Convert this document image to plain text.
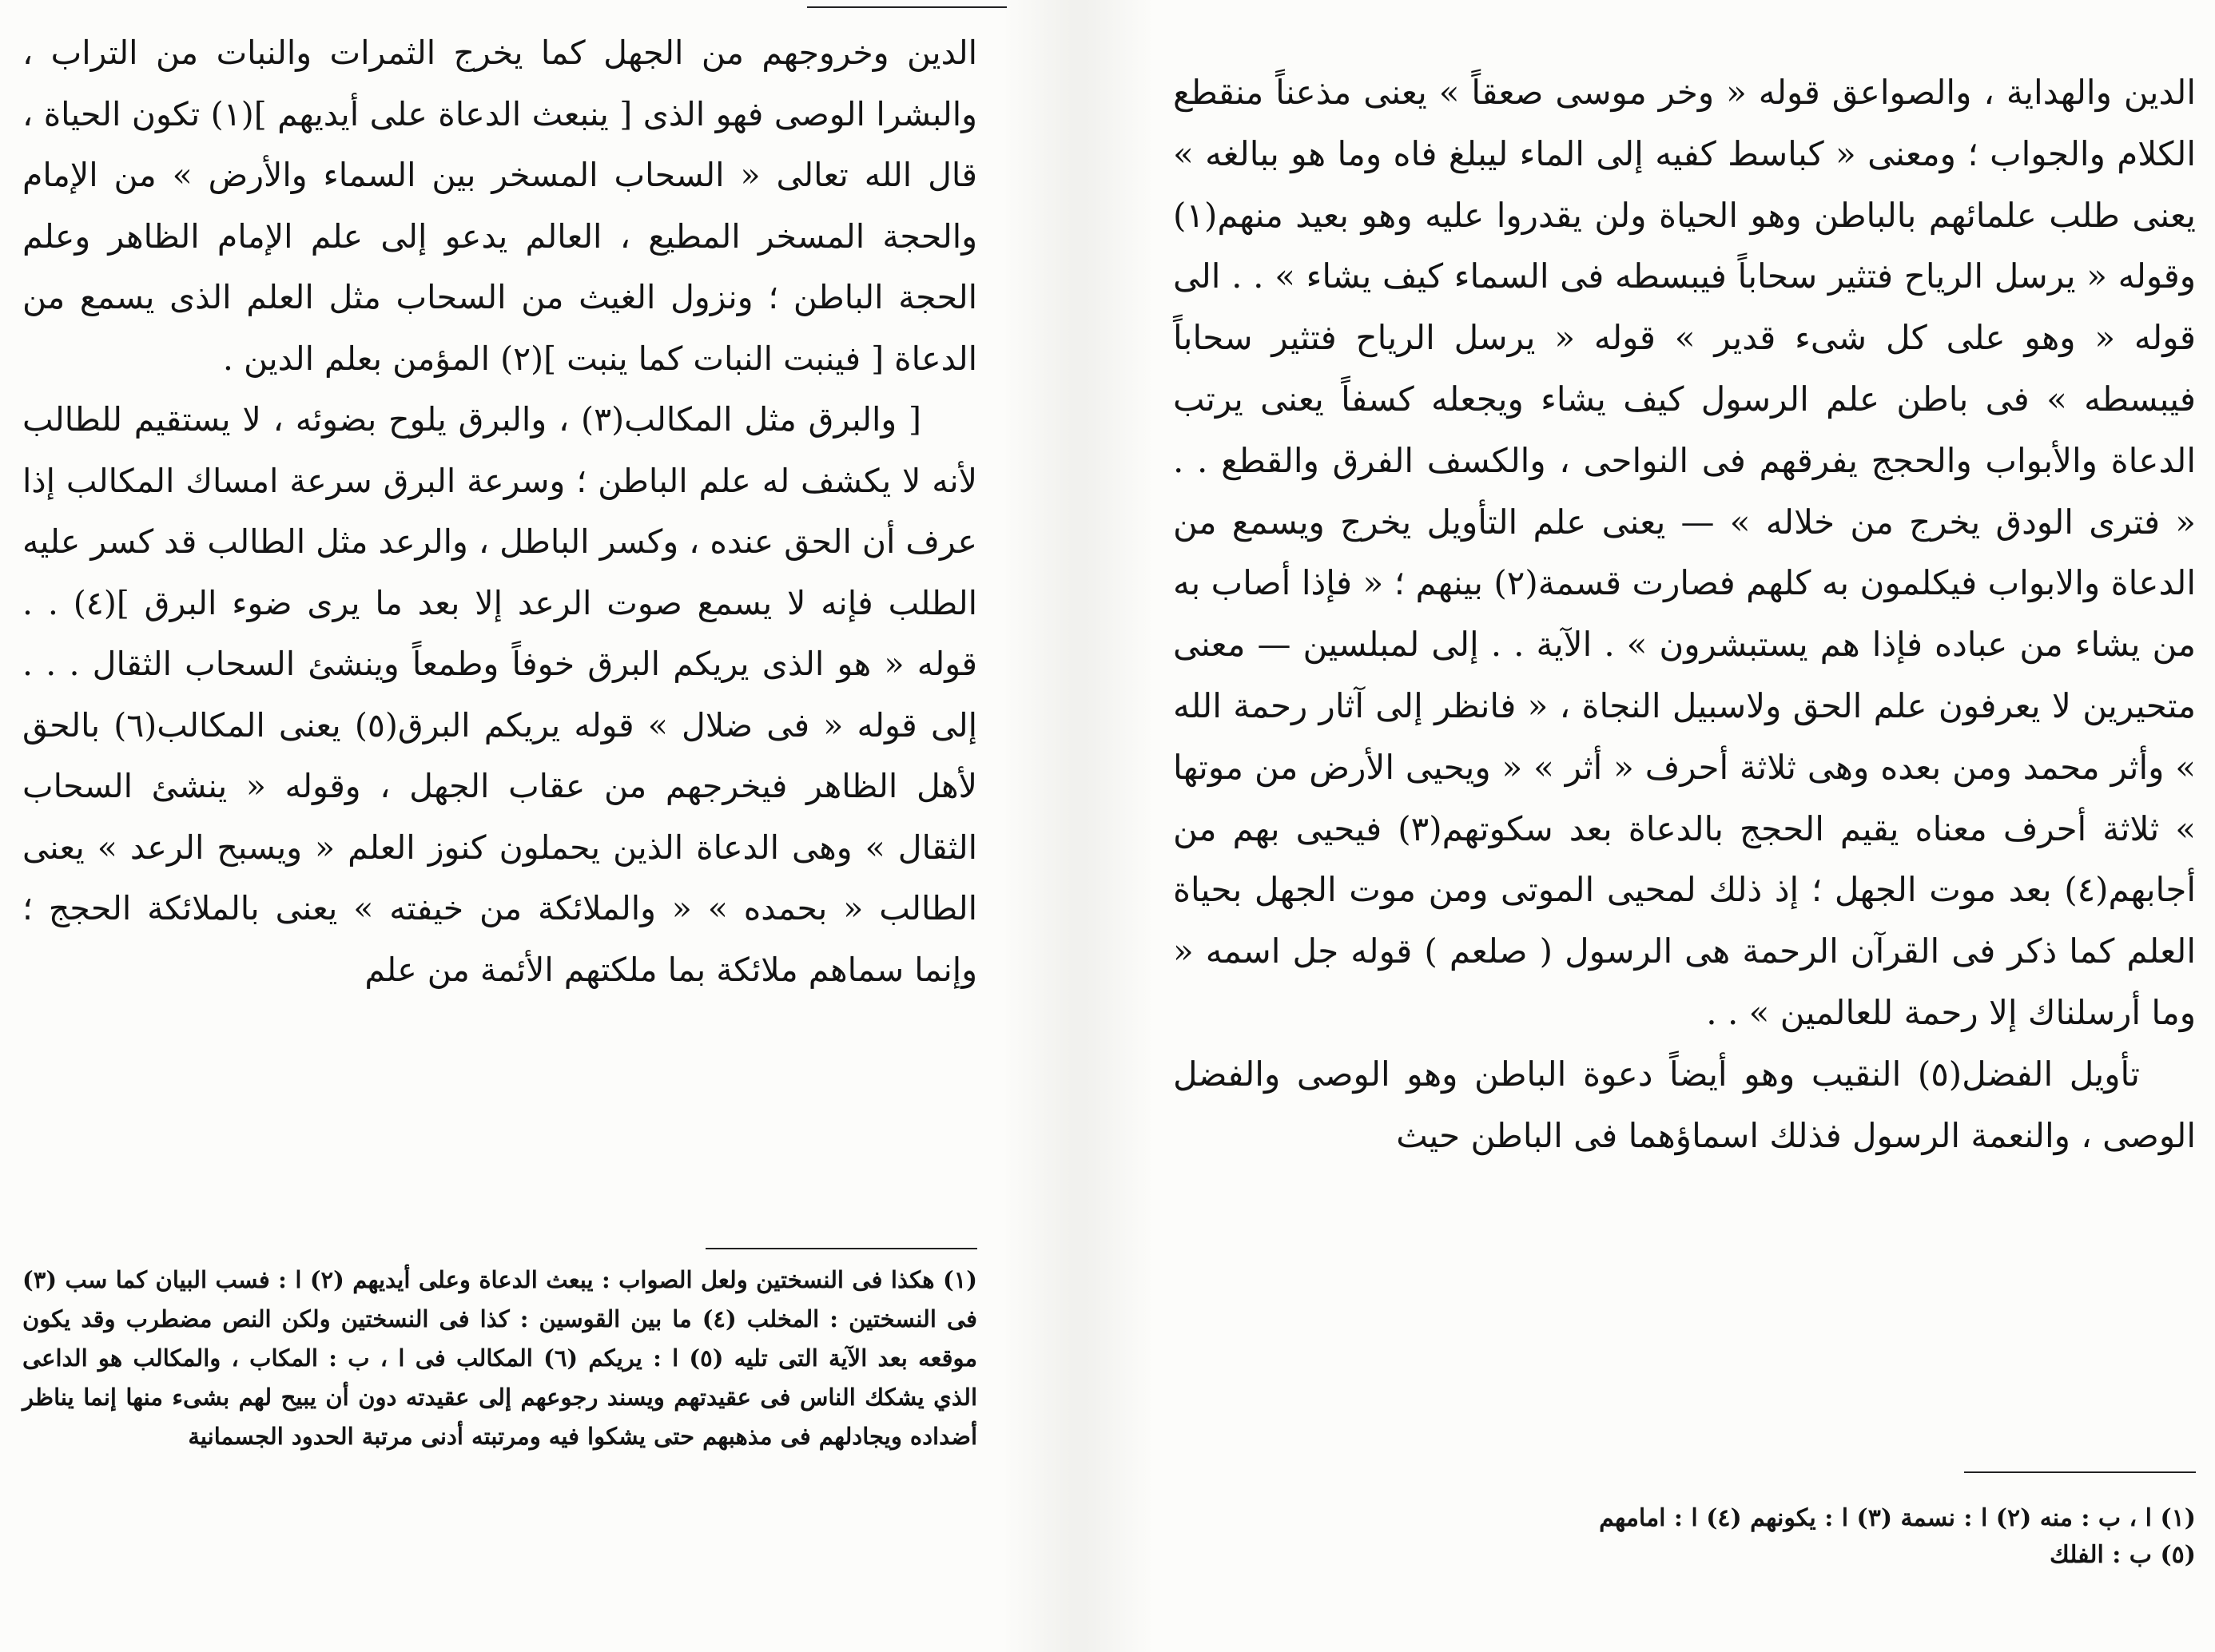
الدين وخروجهم من الجهل كما يخرج الثمرات والنبات من التراب ، والبشرا الوصى فهو الذى [ ينبعث الدعاة على أيديهم ](١) تكون الحياة ، قال الله تعالى « السحاب المسخر بين السماء والأرض » من الإمام والحجة المسخر المطيع ، العالم يدعو إلى علم الإمام الظاهر وعلم الحجة الباطن ؛ ونزول الغيث من السحاب مثل العلم الذى يسمع من الدعاة [ فينبت النبات كما ينبت ](٢) المؤمن بعلم الدين .

[ والبرق مثل المكالب(٣) ، والبرق يلوح بضوئه ، لا يستقيم للطالب لأنه لا يكشف له علم الباطن ؛ وسرعة البرق سرعة امساك المكالب إذا عرف أن الحق عنده ، وكسر الباطل ، والرعد مثل الطالب قد كسر عليه الطلب فإنه لا يسمع صوت الرعد إلا بعد ما يرى ضوء البرق ](٤) . . قوله « هو الذى يريكم البرق خوفاً وطمعاً وينشئ السحاب الثقال . . . إلى قوله « فى ضلال » قوله يريكم البرق(٥) يعنى المكالب(٦) بالحق لأهل الظاهر فيخرجهم من عقاب الجهل ، وقوله « ينشئ السحاب الثقال » وهى الدعاة الذين يحملون كنوز العلم « ويسبح الرعد » يعنى الطالب « بحمده » « والملائكة من خيفته » يعنى بالملائكة الحجج ؛ وإنما سماهم ملائكة بما ملكتهم الأئمة من علم

(١) هكذا فى النسختين ولعل الصواب : يبعث الدعاة وعلى أيديهم (٢) ا : فسب البيان كما سب (٣) فى النسختين : المخلب (٤) ما بين القوسين : كذا فى النسختين ولكن النص مضطرب وقد يكون موقعه بعد الآية التى تليه (٥) ا : يريكم (٦) المكالب فى ا ، ب : المكاب ، والمكالب هو الداعى الذي يشكك الناس فى عقيدتهم ويسند رجوعهم إلى عقيدته دون أن يبيح لهم بشىء منها إنما يناظر أضداده ويجادلهم فى مذهبهم حتى يشكوا فيه ومرتبته أدنى مرتبة الحدود الجسمانية

الدين والهداية ، والصواعق قوله « وخر موسى صعقاً » يعنى مذعناً منقطع الكلام والجواب ؛ ومعنى « كباسط كفيه إلى الماء ليبلغ فاه وما هو ببالغه » يعنى طلب علمائهم بالباطن وهو الحياة ولن يقدروا عليه وهو بعيد منهم(١) وقوله « يرسل الرياح فتثير سحاباً فيبسطه فى السماء كيف يشاء » . . الى قوله « وهو على كل شىء قدير » قوله « يرسل الرياح فتثير سحاباً فيبسطه » فى باطن علم الرسول كيف يشاء ويجعله كسفاً يعنى يرتب الدعاة والأبواب والحجج يفرقهم فى النواحى ، والكسف الفرق والقطع . . « فترى الودق يخرج من خلاله » — يعنى علم التأويل يخرج ويسمع من الدعاة والابواب فيكلمون به كلهم فصارت قسمة(٢) بينهم ؛ « فإذا أصاب به من يشاء من عباده فإذا هم يستبشرون » . الآية . . إلى لمبلسين — معنى متحيرين لا يعرفون علم الحق ولاسبيل النجاة ، « فانظر إلى آثار رحمة الله » وأثر محمد ومن بعده وهى ثلاثة أحرف « أثر » « ويحيى الأرض من موتها » ثلاثة أحرف معناه يقيم الحجج بالدعاة بعد سكوتهم(٣) فيحيى بهم من أجابهم(٤) بعد موت الجهل ؛ إذ ذلك لمحيى الموتى ومن موت الجهل بحياة العلم كما ذكر فى القرآن الرحمة هى الرسول ( صلعم ) قوله جل اسمه « وما أرسلناك إلا رحمة للعالمين » . .

تأويل الفضل(٥) النقيب وهو أيضاً دعوة الباطن وهو الوصى والفضل الوصى ، والنعمة الرسول فذلك اسماؤهما فى الباطن حيث

(١) ا ، ب : منه (٢) ا : نسمة (٣) ا : يكونهم (٤) ا : امامهم

(٥) ب : الفلك
